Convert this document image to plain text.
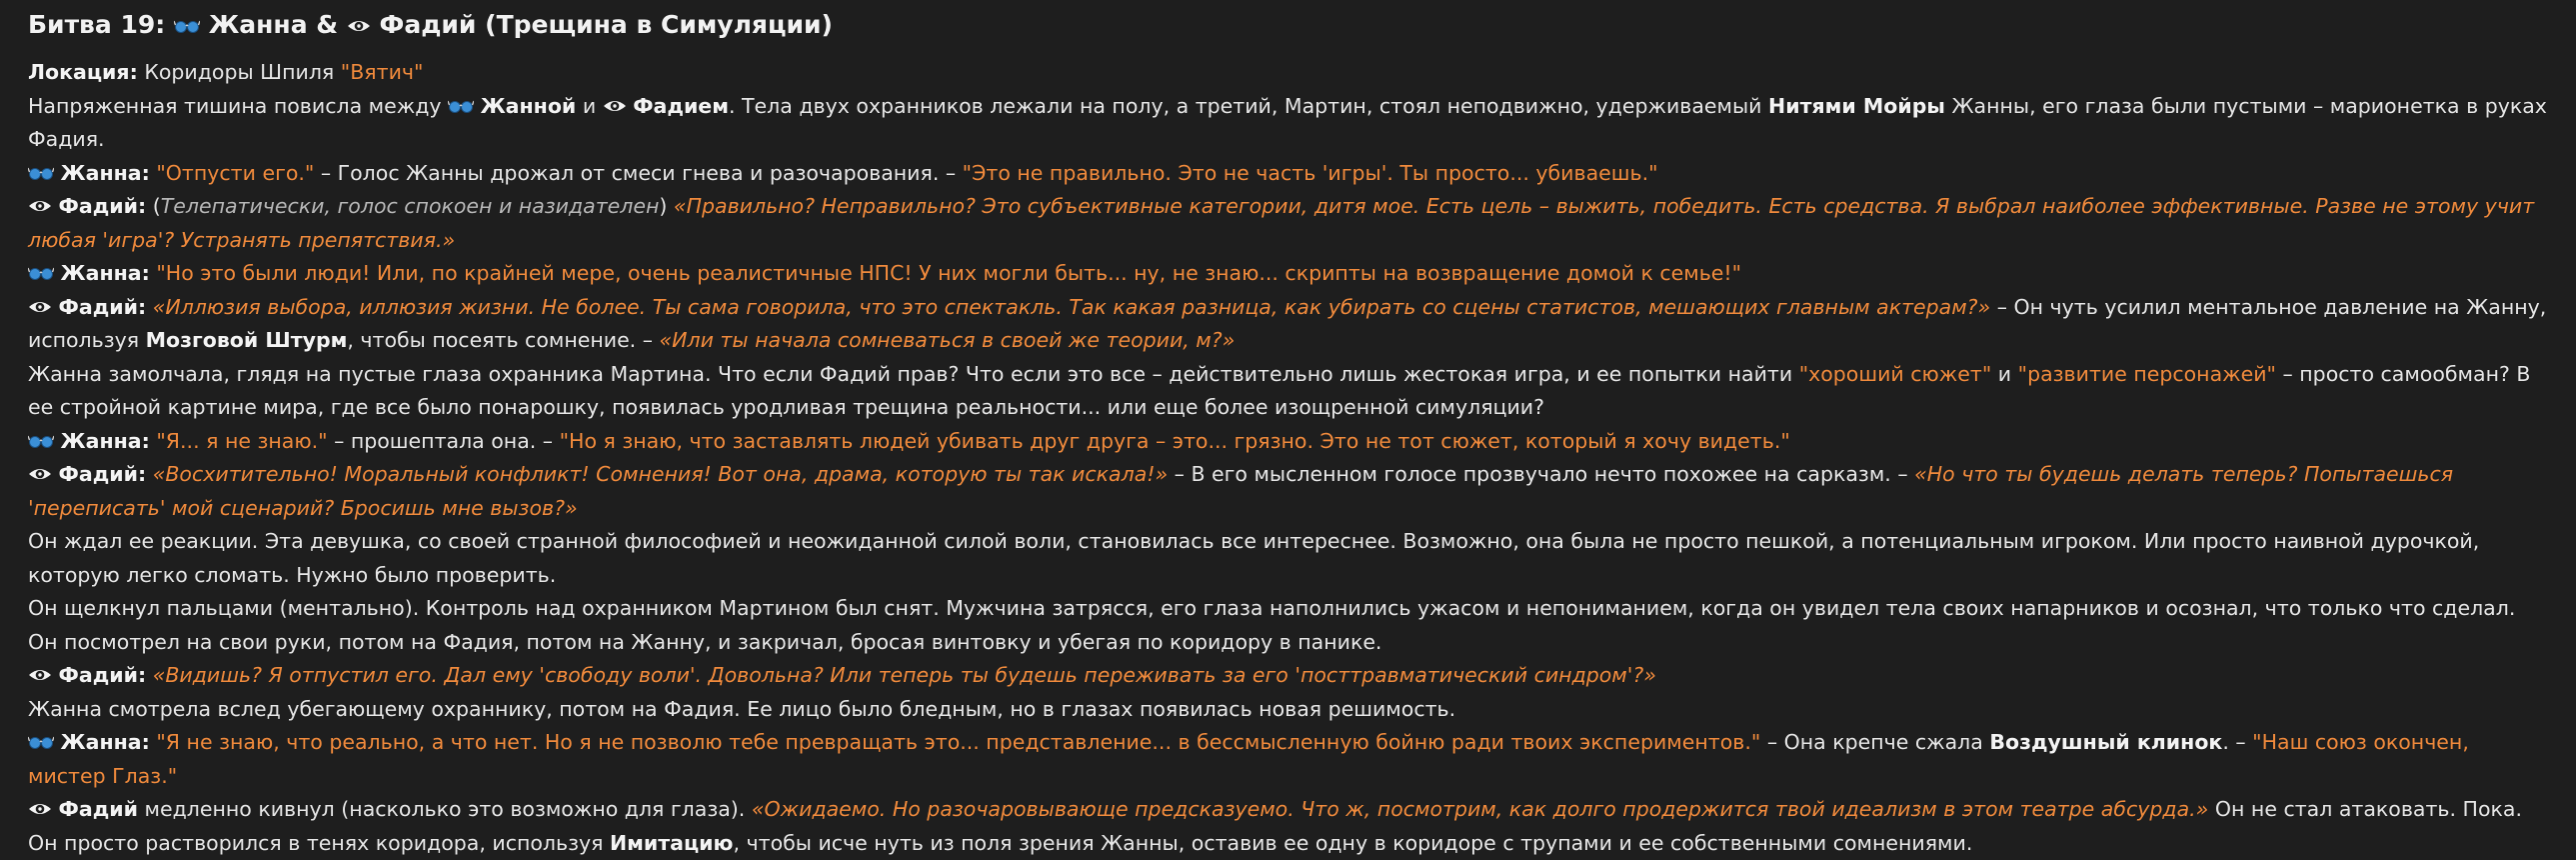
Битва 19: Жанна & Фадий (Трещина в Симуляции)

Локация: Коридоры Шпиля "Вятич"

Напряженная тишина повисла между Жанной и Фадием. Тела двух охранников лежали на полу, а третий, Мартин, стоял неподвижно, удерживаемый Нитями Мойры Жанны, его глаза были пустыми – марионетка в руках Фадия.

Жанна: "Отпусти его." – Голос Жанны дрожал от смеси гнева и разочарования. – "Это не правильно. Это не часть 'игры'. Ты просто... убиваешь."

Фадий: (Телепатически, голос спокоен и назидателен) «Правильно? Неправильно? Это субъективные категории, дитя мое. Есть цель – выжить, победить. Есть средства. Я выбрал наиболее эффективные. Разве не этому учит любая 'игра'? Устранять препятствия.»

Жанна: "Но это были люди! Или, по крайней мере, очень реалистичные НПС! У них могли быть... ну, не знаю... скрипты на возвращение домой к семье!"

Фадий: «Иллюзия выбора, иллюзия жизни. Не более. Ты сама говорила, что это спектакль. Так какая разница, как убирать со сцены статистов, мешающих главным актерам?» – Он чуть усилил ментальное давление на Жанну, используя Мозговой Штурм, чтобы посеять сомнение. – «Или ты начала сомневаться в своей же теории, м?»

Жанна замолчала, глядя на пустые глаза охранника Мартина. Что если Фадий прав? Что если это все – действительно лишь жестокая игра, и ее попытки найти "хороший сюжет" и "развитие персонажей" – просто самообман? В ее стройной картине мира, где все было понарошку, появилась уродливая трещина реальности... или еще более изощренной симуляции?

Жанна: "Я... я не знаю." – прошептала она. – "Но я знаю, что заставлять людей убивать друг друга – это... грязно. Это не тот сюжет, который я хочу видеть."

Фадий: «Восхитительно! Моральный конфликт! Сомнения! Вот она, драма, которую ты так искала!» – В его мысленном голосе прозвучало нечто похожее на сарказм. – «Но что ты будешь делать теперь? Попытаешься 'переписать' мой сценарий? Бросишь мне вызов?»

Он ждал ее реакции. Эта девушка, со своей странной философией и неожиданной силой воли, становилась все интереснее. Возможно, она была не просто пешкой, а потенциальным игроком. Или просто наивной дурочкой, которую легко сломать. Нужно было проверить.

Он щелкнул пальцами (ментально). Контроль над охранником Мартином был снят. Мужчина затрясся, его глаза наполнились ужасом и непониманием, когда он увидел тела своих напарников и осознал, что только что сделал. Он посмотрел на свои руки, потом на Фадия, потом на Жанну, и закричал, бросая винтовку и убегая по коридору в панике.

Фадий: «Видишь? Я отпустил его. Дал ему 'свободу воли'. Довольна? Или теперь ты будешь переживать за его 'посттравматический синдром'?»

Жанна смотрела вслед убегающему охраннику, потом на Фадия. Ее лицо было бледным, но в глазах появилась новая решимость.

Жанна: "Я не знаю, что реально, а что нет. Но я не позволю тебе превращать это... представление... в бессмысленную бойню ради твоих экспериментов." – Она крепче сжала Воздушный клинок. – "Наш союз окончен, мистер Глаз."

Фадий медленно кивнул (насколько это возможно для глаза). «Ожидаемо. Но разочаровывающе предсказуемо. Что ж, посмотрим, как долго продержится твой идеализм в этом театре абсурда.» Он не стал атаковать. Пока. Он просто растворился в тенях коридора, используя Имитацию, чтобы исче нуть из поля зрения Жанны, оставив ее одну в коридоре с трупами и ее собственными сомнениями.
